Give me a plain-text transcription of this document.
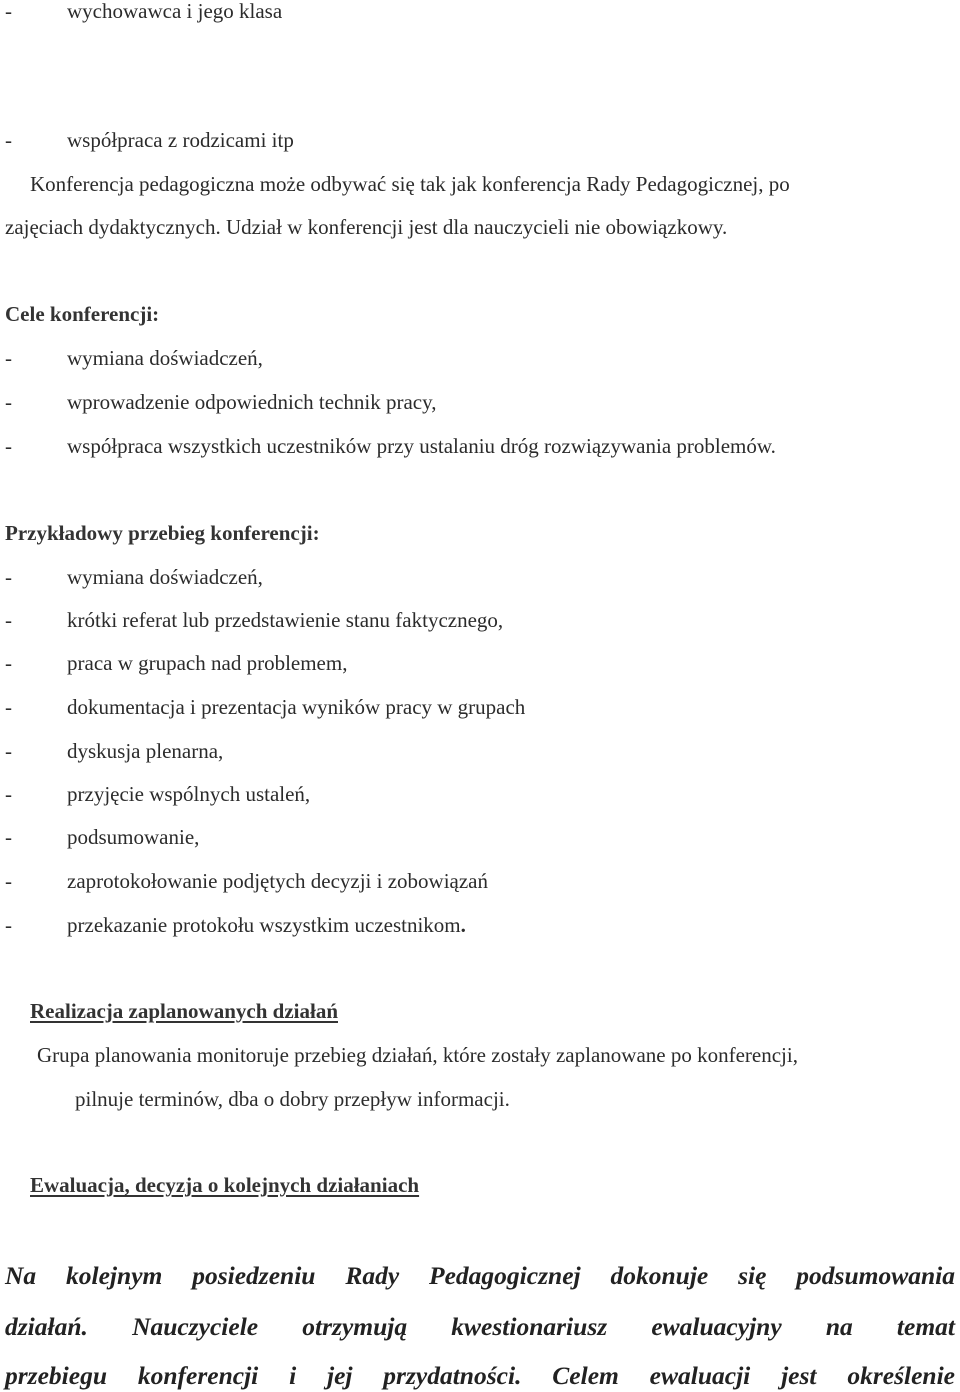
-	wychowawca i jego klasa
-	współpraca z rodzicami itp
Konferencja pedagogiczna może odbywać się tak jak konferencja Rady Pedagogicznej, po
zajęciach dydaktycznych. Udział w konferencji jest dla nauczycieli nie obowiązkowy.
Cele konferencji:
-	wymiana doświadczeń,
-	wprowadzenie odpowiednich technik pracy,
-	współpraca wszystkich uczestników przy ustalaniu dróg rozwiązywania problemów.
Przykładowy przebieg konferencji:
-	wymiana doświadczeń,
-	krótki referat lub przedstawienie stanu faktycznego,
-	praca w grupach nad problemem,
-	dokumentacja i prezentacja wyników pracy w grupach
-	dyskusja plenarna,
-	przyjęcie wspólnych ustaleń,
-	podsumowanie,
-	zaprotokołowanie podjętych decyzji i zobowiązań
-	przekazanie protokołu wszystkim uczestnikom.
Realizacja zaplanowanych działań
Grupa planowania monitoruje przebieg działań, które zostały zaplanowane po konferencji,
pilnuje terminów, dba o dobry przepływ informacji.
Ewaluacja, decyzja o kolejnych działaniach
Na kolejnym posiedzeniu Rady Pedagogicznej dokonuje się podsumowania
działań. Nauczyciele otrzymują kwestionariusz ewaluacyjny na temat
przebiegu konferencji i jej przydatności. Celem ewaluacji jest określenie
